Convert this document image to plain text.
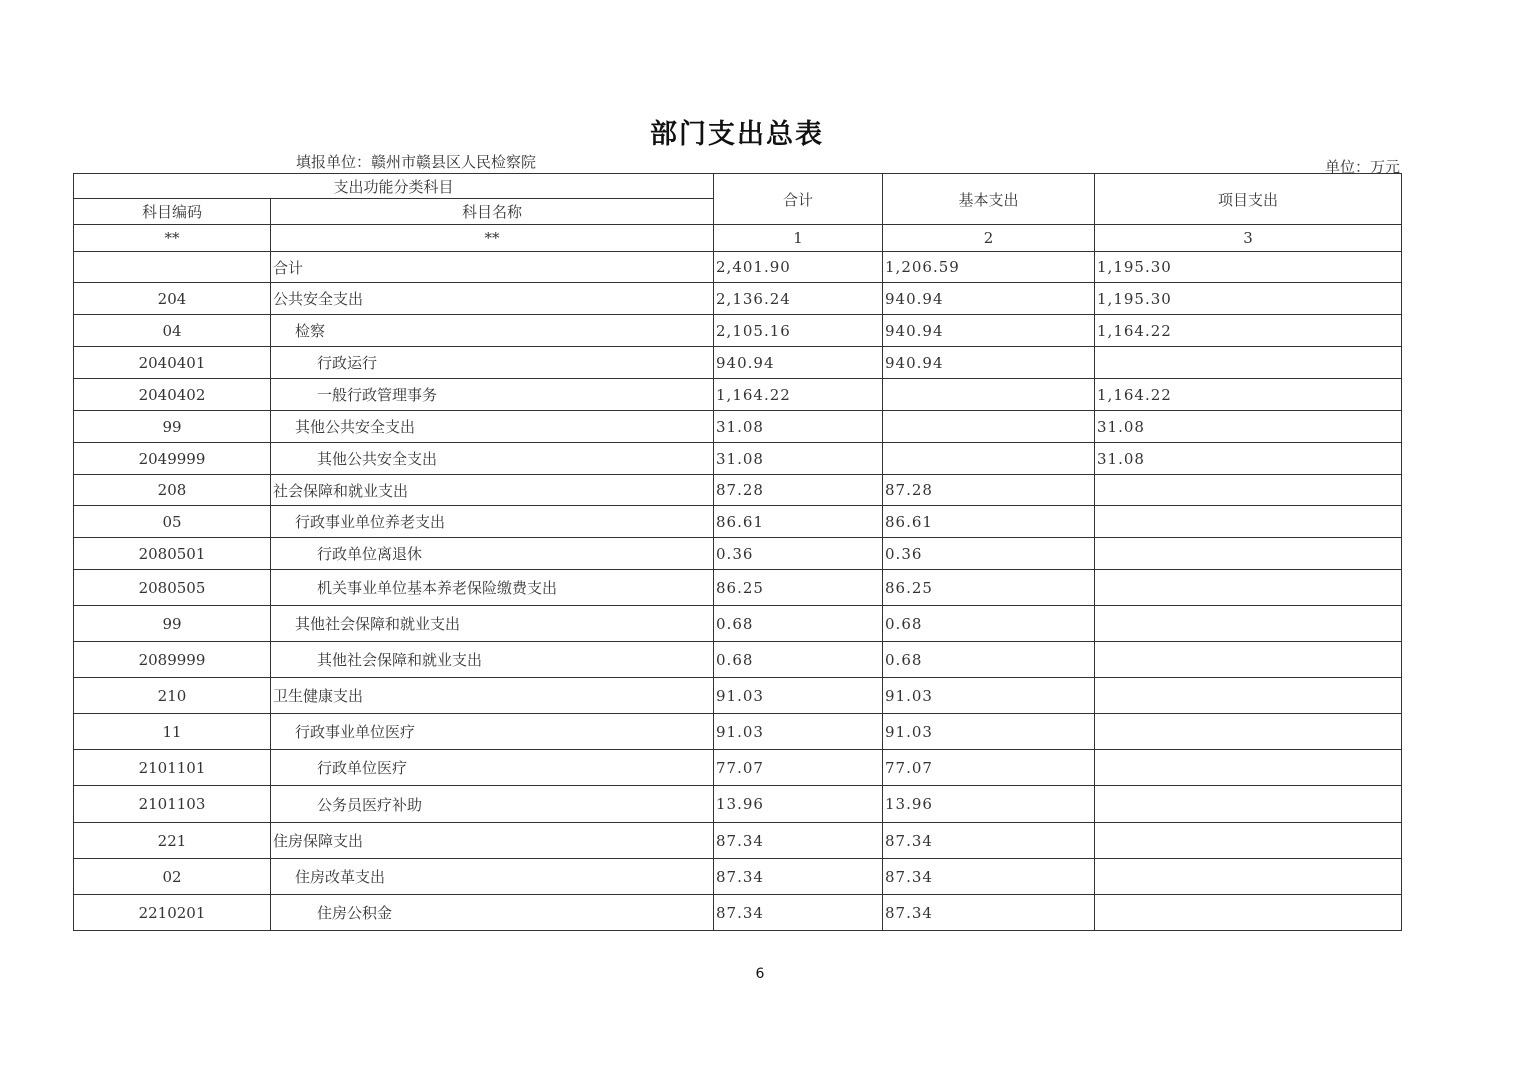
部门支出总表
填报单位：赣州市赣县区人民检察院	单位：万元
支出功能分类科目		合计	基本支出	项目支出
科目编码	科目名称			
**	**	1	2	3
	合计	2,401.90	1,206.59	1,195.30
204	公共安全支出	2,136.24	940.94	1,195.30
04	检察	2,105.16	940.94	1,164.22
2040401	行政运行	940.94	940.94	
2040402	一般行政管理事务	1,164.22		1,164.22
99	其他公共安全支出	31.08		31.08
2049999	其他公共安全支出	31.08		31.08
208	社会保障和就业支出	87.28	87.28	
05	行政事业单位养老支出	86.61	86.61	
2080501	行政单位离退休	0.36	0.36	
2080505	机关事业单位基本养老保险缴费支出	86.25	86.25	
99	其他社会保障和就业支出	0.68	0.68	
2089999	其他社会保障和就业支出	0.68	0.68	
210	卫生健康支出	91.03	91.03	
11	行政事业单位医疗	91.03	91.03	
2101101	行政单位医疗	77.07	77.07	
2101103	公务员医疗补助	13.96	13.96	
221	住房保障支出	87.34	87.34	
02	住房改革支出	87.34	87.34	
2210201	住房公积金	87.34	87.34	
6
